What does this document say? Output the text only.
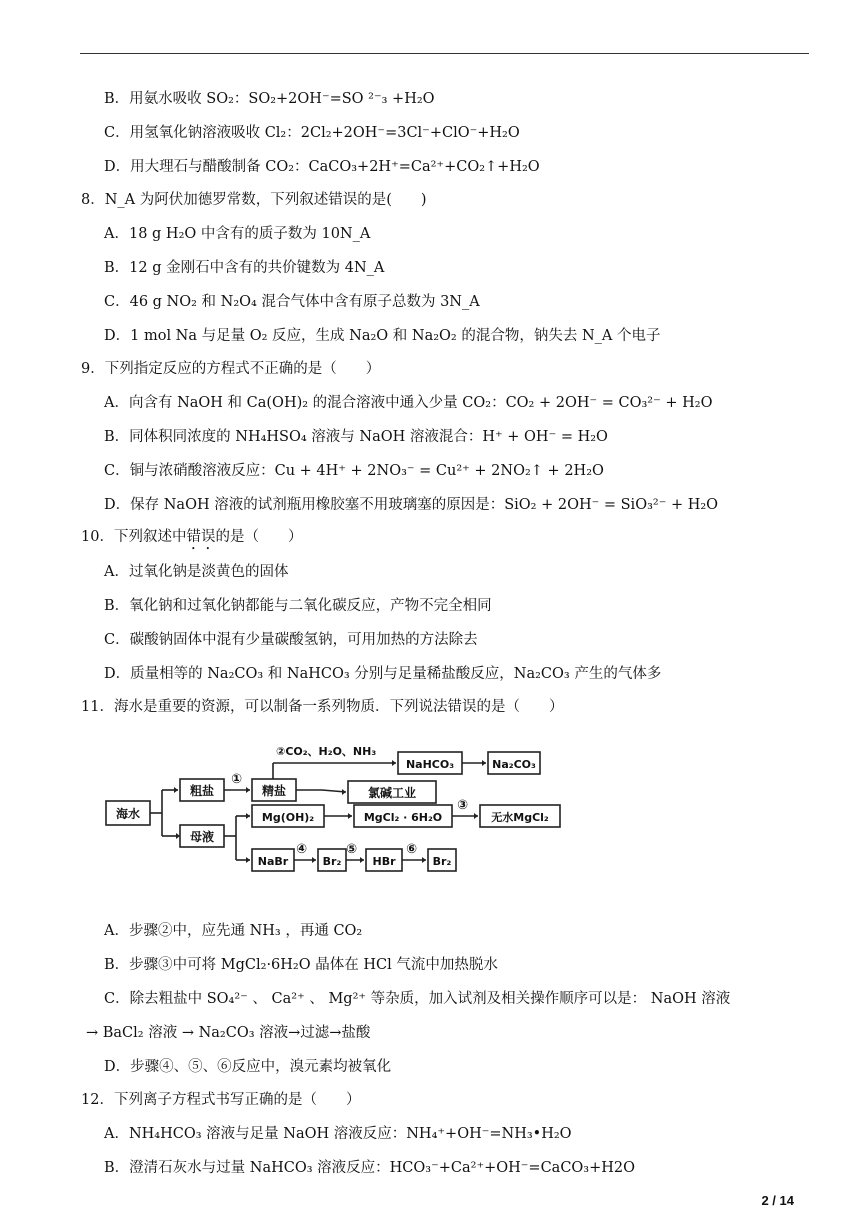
B．用氨水吸收 SO₂：SO₂+2OH⁻=SO ²⁻₃ +H₂O
C．用氢氧化钠溶液吸收 Cl₂：2Cl₂+2OH⁻=3Cl⁻+ClO⁻+H₂O
D．用大理石与醋酸制备 CO₂：CaCO₃+2H⁺=Ca²⁺+CO₂↑+H₂O
8．N_A 为阿伏加德罗常数，下列叙述错误的是(　　)
A．18 g H₂O 中含有的质子数为 10N_A
B．12 g 金刚石中含有的共价键数为 4N_A
C．46 g NO₂ 和 N₂O₄ 混合气体中含有原子总数为 3N_A
D．1 mol Na 与足量 O₂ 反应，生成 Na₂O 和 Na₂O₂ 的混合物，钠失去 N_A 个电子
9．下列指定反应的方程式不正确的是（　　）
A．向含有 NaOH 和 Ca(OH)₂ 的混合溶液中通入少量 CO₂：CO₂ + 2OH⁻ = CO₃²⁻ + H₂O
B．同体积同浓度的 NH₄HSO₄ 溶液与 NaOH 溶液混合：H⁺ + OH⁻ = H₂O
C．铜与浓硝酸溶液反应：Cu + 4H⁺ + 2NO₃⁻ = Cu²⁺ + 2NO₂↑ + 2H₂O
D．保存 NaOH 溶液的试剂瓶用橡胶塞不用玻璃塞的原因是：SiO₂ + 2OH⁻ = SiO₃²⁻ + H₂O
10．下列叙述中错误的是（　　）
A．过氧化钠是淡黄色的固体
B．氧化钠和过氧化钠都能与二氧化碳反应，产物不完全相同
C．碳酸钠固体中混有少量碳酸氢钠，可用加热的方法除去
D．质量相等的 Na₂CO₃ 和 NaHCO₃ 分别与足量稀盐酸反应，Na₂CO₃ 产生的气体多
11．海水是重要的资源，可以制备一系列物质．下列说法错误的是（　　）
海水
粗盐	精盐
母液
NaHCO₃	Na₂CO₃
氯碱工业
Mg(OH)₂	MgCl₂ · 6H₂O	无水MgCl₂
NaBr	Br₂	HBr	Br₂
①
②CO₂、H₂O、NH₃
③
④	⑤	⑥
A．步骤②中，应先通 NH₃ ，再通 CO₂
B．步骤③中可将 MgCl₂·6H₂O 晶体在 HCl 气流中加热脱水
C．除去粗盐中 SO₄²⁻ 、 Ca²⁺ 、 Mg²⁺ 等杂质，加入试剂及相关操作顺序可以是： NaOH 溶液
→ BaCl₂ 溶液 → Na₂CO₃ 溶液→过滤→盐酸
D．步骤④、⑤、⑥反应中，溴元素均被氧化
12．下列离子方程式书写正确的是（　　）
A．NH₄HCO₃ 溶液与足量 NaOH 溶液反应：NH₄⁺+OH⁻=NH₃•H₂O
B．澄清石灰水与过量 NaHCO₃ 溶液反应：HCO₃⁻+Ca²⁺+OH⁻=CaCO₃+H2O
2 / 14
